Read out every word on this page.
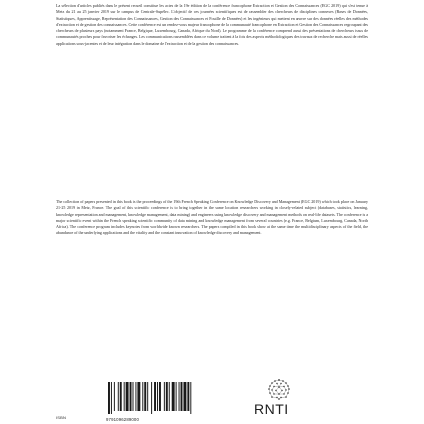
La sélection d'articles publiés dans le présent recueil constitue les actes de la 19e édition de la conférence francophone Extraction et Gestion des Connaissances (EGC 2019) qui s'est tenue à Metz du 21 au 25 janvier 2019 sur le campus de Centrale-Supélec. L'objectif de ces journées scientifiques est de rassembler des chercheurs de disciplines connexes (Bases de Données, Statistiques, Apprentissage, Représentation des Connaissances, Gestion des Connaissances et Fouille de Données) et les ingénieurs qui mettent en œuvre sur des données réelles des méthodes d'extraction et de gestion des connaissances. Cette conférence est un rendez-vous majeur francophone de la communauté francophone en Extraction et Gestion des Connaissances regroupant des chercheurs de plusieurs pays (notamment France, Belgique, Luxembourg, Canada, Afrique du Nord). Le programme de la conférence comprend aussi des présentations de chercheurs issus de communautés proches pour favoriser les échanges. Les communications rassemblées dans ce volume traitent à la fois des aspects méthodologiques des travaux de recherche mais aussi de réelles applications sous-jacentes et de leur intégration dans le domaine de l'extraction et de la gestion des connaissances.

The collection of papers presented in this book is the proceedings of the 19th French Speaking Conference on Knowledge Discovery and Management (EGC 2019) which took place on January 21-25 2019 in Metz, France. The goal of this scientific conference is to bring together in the same location researchers working in closely-related subject (databases, statistics, learning, knowledge representation and management, knowledge management, data mining) and engineers using knowledge discovery and management methods on real-life datasets. The conference is a major scientific event within the French speaking scientific community of data mining and knowledge management from several countries (e.g. France, Belgium, Luxembourg, Canada, North Africa). The conference program includes keynotes from worldwide known researchers. The papers compiled in this book show at the same time the multidisciplinary aspects of the field, the abundance of the underlying applications and the vitality and the constant innovation of knowledge discovery and management.

ISBN	9791096289000
RNTI
